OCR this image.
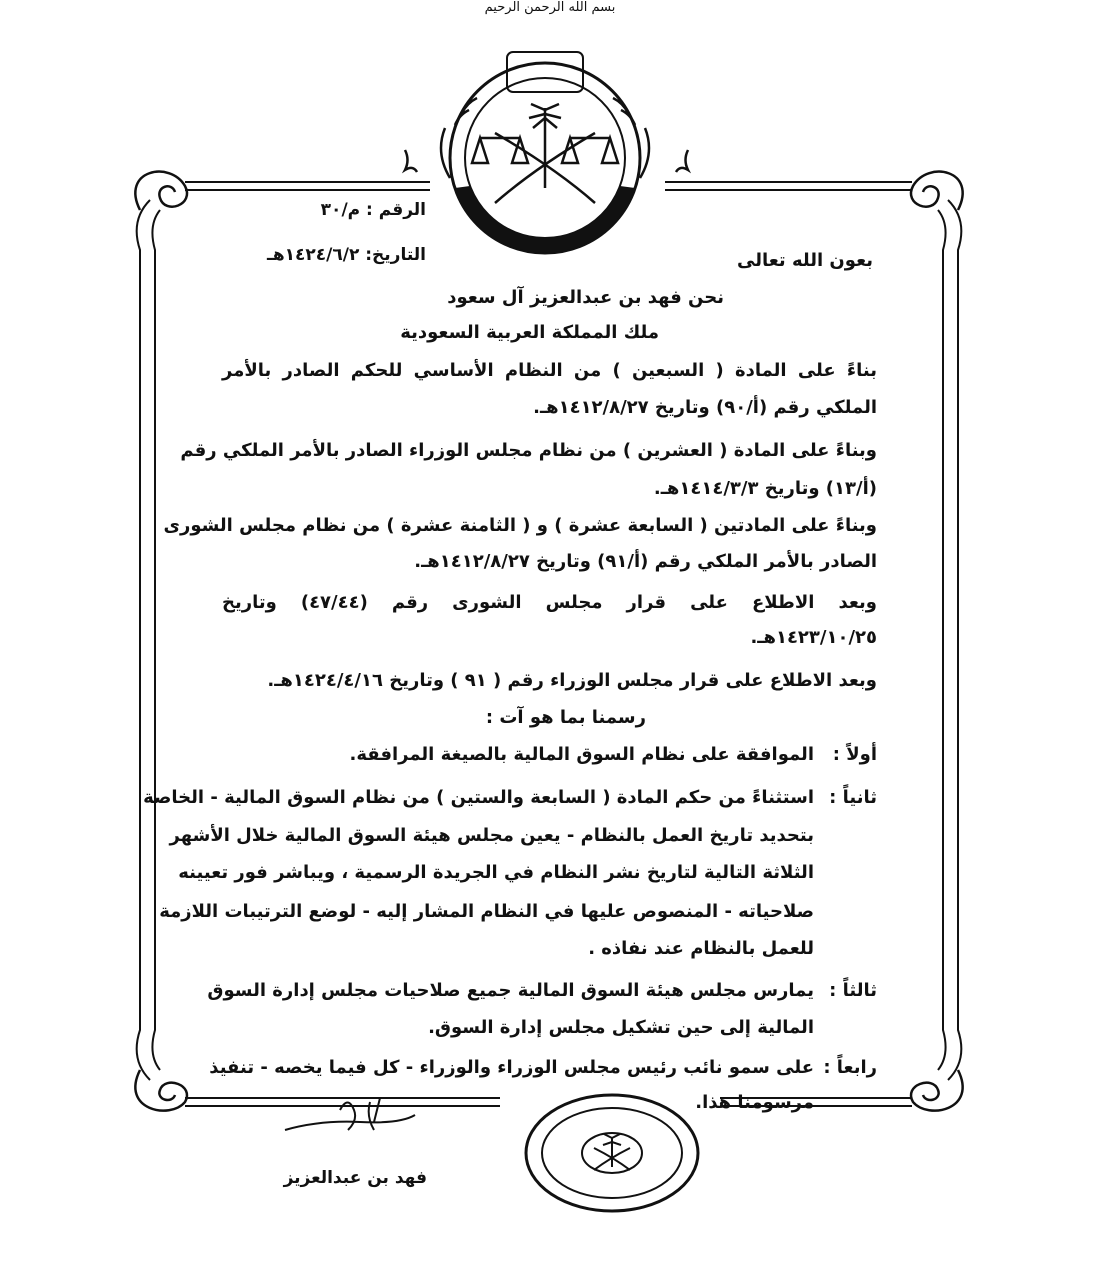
بسم الله الرحمن الرحيم
الرقم : م/٣٠
التاريخ: ١٤٢٤/٦/٢هـ	بعون الله تعالى
نحن فهد بن عبدالعزيز آل سعود
ملك المملكة العربية السعودية
بناءً على المادة ( السبعين ) من النظام الأساسي للحكم الصادر بالأمر
الملكي رقم (أ/٩٠) وتاريخ ١٤١٢/٨/٢٧هـ.
وبناءً على المادة ( العشرين ) من نظام مجلس الوزراء الصادر بالأمر الملكي رقم
(أ/١٣) وتاريخ ١٤١٤/٣/٣هـ.
وبناءً على المادتين ( السابعة عشرة ) و ( الثامنة عشرة ) من نظام مجلس الشورى
الصادر بالأمر الملكي رقم (أ/٩١) وتاريخ ١٤١٢/٨/٢٧هـ.
وبعد الاطلاع على قرار مجلس الشورى رقم (٤٧/٤٤) وتاريخ
١٤٢٣/١٠/٢٥هـ.
وبعد الاطلاع على قرار مجلس الوزراء رقم ( ٩١ ) وتاريخ ١٤٢٤/٤/١٦هـ.
رسمنا بما هو آت :
أولاً :
الموافقة على نظام السوق المالية بالصيغة المرافقة.
ثانياً :
استثناءً من حكم المادة ( السابعة والستين ) من نظام السوق المالية - الخاصة
بتحديد تاريخ العمل بالنظام - يعين مجلس هيئة السوق المالية خلال الأشهر
الثلاثة التالية لتاريخ نشر النظام في الجريدة الرسمية ، ويباشر فور تعيينه
صلاحياته - المنصوص عليها في النظام المشار إليه - لوضع الترتيبات اللازمة
للعمل بالنظام عند نفاذه .
ثالثاً :
يمارس مجلس هيئة السوق المالية جميع صلاحيات مجلس إدارة السوق
المالية إلى حين تشكيل مجلس إدارة السوق.
رابعاً :
على سمو نائب رئيس مجلس الوزراء والوزراء - كل فيما يخصه - تنفيذ
مرسومنا هذا.
فهد بن عبدالعزيز
